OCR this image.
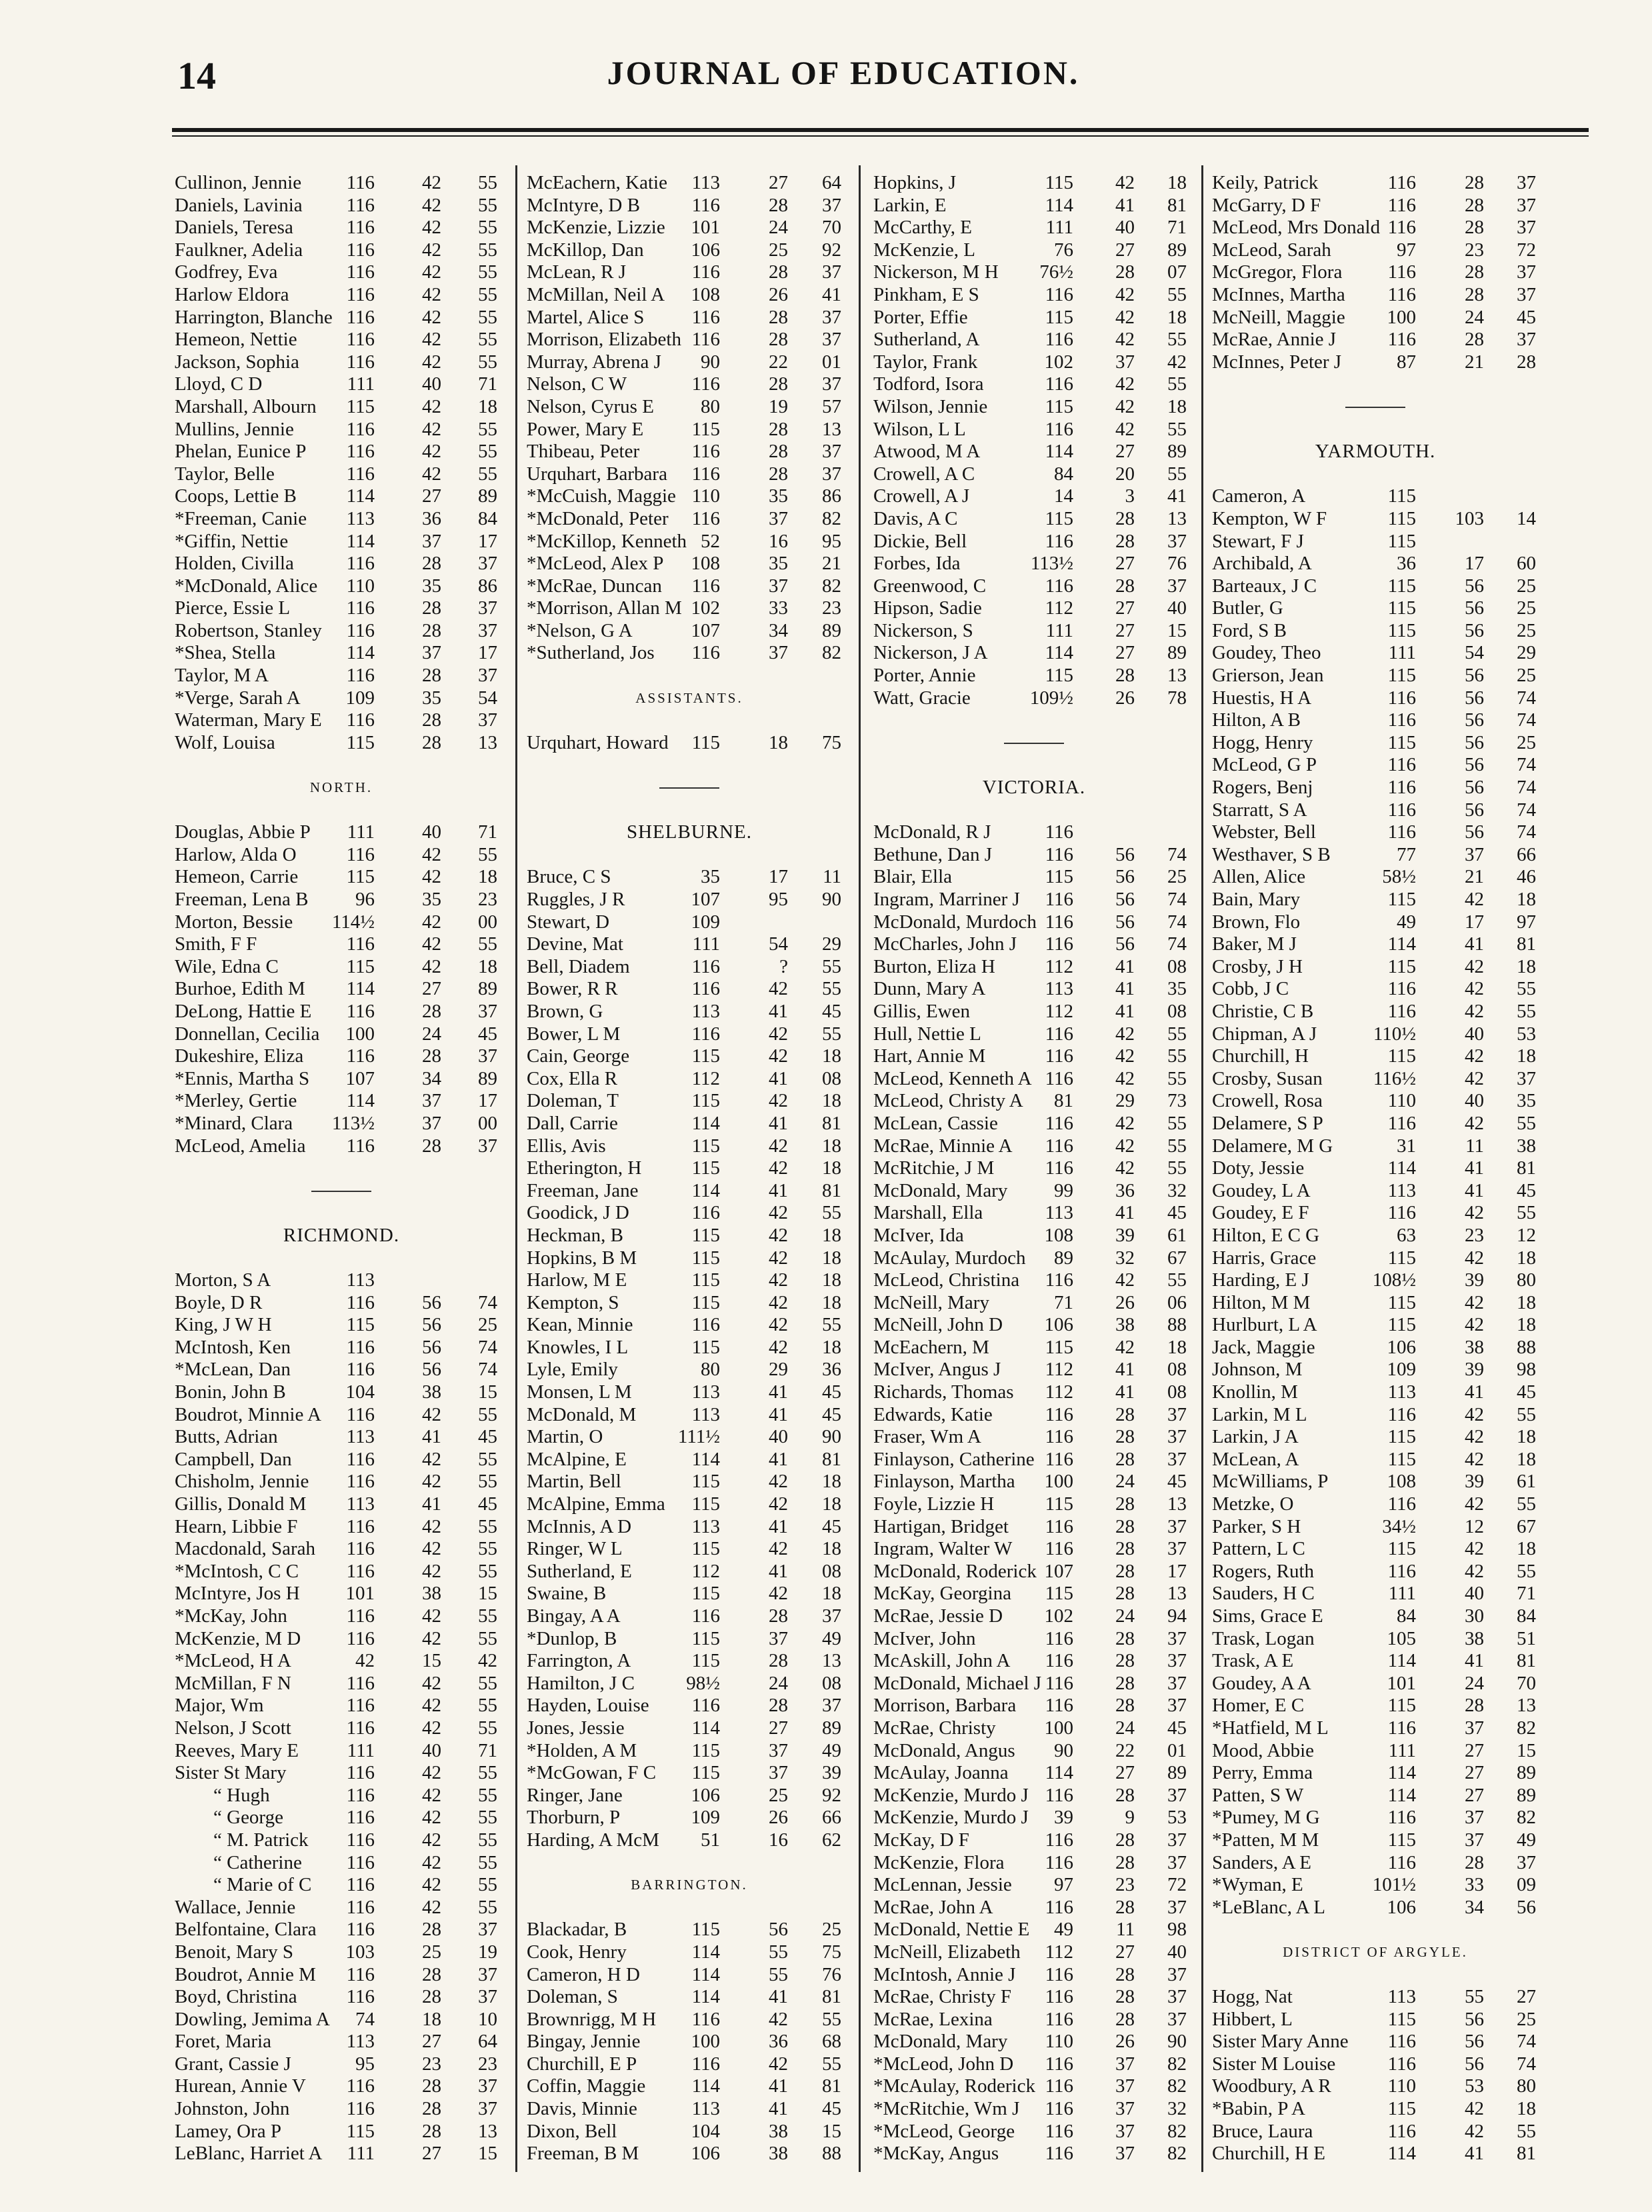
14	JOURNAL OF EDUCATION.
Cullinon, Jennie	116	42	55
Daniels, Lavinia	116	42	55
Daniels, Teresa	116	42	55
Faulkner, Adelia	116	42	55
Godfrey, Eva	116	42	55
Harlow Eldora	116	42	55
Harrington, Blanche 116	42	55
Hemeon, Nettie	116	42	55
Jackson, Sophia	116	42	55
Lloyd, C D	111	40	71
Marshall, Albourn	115	42	18
Mullins, Jennie	116	42	55
Phelan, Eunice P	116	42	55
Taylor, Belle	116	42	55
Coops, Lettie B	114	27	89
*Freeman, Canie	113	36	84
*Giffin, Nettie	114	37	17
Holden, Civilla	116	28	37
*McDonald, Alice	110	35	86
Pierce, Essie L	116	28	37
Robertson, Stanley	116	28	37
*Shea, Stella	114	37	17
Taylor, M A	116	28	37
*Verge, Sarah A	109	35	54
Waterman, Mary E	116	28	37
Wolf, Louisa	115	28	13
NORTH.
Douglas, Abbie P	111	40	71
Harlow, Alda O	116	42	55
Hemeon, Carrie	115	42	18
Freeman, Lena B	96	35	23
Morton, Bessie	114½	42	00
Smith, F F	116	42	55
Wile, Edna C	115	42	18
Burhoe, Edith M	114	27	89
DeLong, Hattie E	116	28	37
Donnellan, Cecilia	100	24	45
Dukeshire, Eliza	116	28	37
*Ennis, Martha S	107	34	89
*Merley, Gertie	114	37	17
*Minard, Clara	113½	37	00
McLeod, Amelia	116	28	37
RICHMOND.
Morton, S A	113
Boyle, D R	116	56	74
King, J W H	115	56	25
McIntosh, Ken	116	56	74
*McLean, Dan	116	56	74
Bonin, John B	104	38	15
Boudrot, Minnie A	116	42	55
Butts, Adrian	113	41	45
Campbell, Dan	116	42	55
Chisholm, Jennie	116	42	55
Gillis, Donald M	113	41	45
Hearn, Libbie F	116	42	55
Macdonald, Sarah	116	42	55
*McIntosh, C C	116	42	55
McIntyre, Jos H	101	38	15
*McKay, John	116	42	55
McKenzie, M D	116	42	55
*McLeod, H A	42	15	42
McMillan, F N	116	42	55
Major, Wm	116	42	55
Nelson, J Scott	116	42	55
Reeves, Mary E	111	40	71
Sister St Mary	116	42	55
“ Hugh	116	42	55
“ George	116	42	55
“ M. Patrick	116	42	55
“ Catherine	116	42	55
“ Marie of C	116	42	55
Wallace, Jennie	116	42	55
Belfontaine, Clara	116	28	37
Benoit, Mary S	103	25	19
Boudrot, Annie M	116	28	37
Boyd, Christina	116	28	37
Dowling, Jemima A	74	18	10
Foret, Maria	113	27	64
Grant, Cassie J	95	23	23
Hurean, Annie V	116	28	37
Johnston, John	116	28	37
Lamey, Ora P	115	28	13
LeBlanc, Harriet A	111	27	15
McEachern, Katie	113	27	64
McIntyre, D B	116	28	37
McKenzie, Lizzie	101	24	70
McKillop, Dan	106	25	92
McLean, R J	116	28	37
McMillan, Neil A	108	26	41
Martel, Alice S	116	28	37
Morrison, Elizabeth 116	28	37
Murray, Abrena J	90	22	01
Nelson, C W	116	28	37
Nelson, Cyrus E	80	19	57
Power, Mary E	115	28	13
Thibeau, Peter	116	28	37
Urquhart, Barbara	116	28	37
*McCuish, Maggie 110	35	86
*McDonald, Peter	116	37	82
*McKillop, Kenneth 52	16	95
*McLeod, Alex P	108	35	21
*McRae, Duncan	116	37	82
*Morrison, Allan M 102	33	23
*Nelson, G A	107	34	89
*Sutherland, Jos	116	37	82
ASSISTANTS.
Urquhart, Howard	115	18	75
SHELBURNE.
Bruce, C S	35	17	11
Ruggles, J R	107	95	90
Stewart, D	109
Devine, Mat	111	54	29
Bell, Diadem	116	?	55
Bower, R R	116	42	55
Brown, G	113	41	45
Bower, L M	116	42	55
Cain, George	115	42	18
Cox, Ella R	112	41	08
Doleman, T	115	42	18
Dall, Carrie	114	41	81
Ellis, Avis	115	42	18
Etherington, H	115	42	18
Freeman, Jane	114	41	81
Goodick, J D	116	42	55
Heckman, B	115	42	18
Hopkins, B M	115	42	18
Harlow, M E	115	42	18
Kempton, S	115	42	18
Kean, Minnie	116	42	55
Knowles, I L	115	42	18
Lyle, Emily	80	29	36
Monsen, L M	113	41	45
McDonald, M	113	41	45
Martin, O	111½	40	90
McAlpine, E	114	41	81
Martin, Bell	115	42	18
McAlpine, Emma	115	42	18
McInnis, A D	113	41	45
Ringer, W L	115	42	18
Sutherland, E	112	41	08
Swaine, B	115	42	18
Bingay, A A	116	28	37
*Dunlop, B	115	37	49
Farrington, A	115	28	13
Hamilton, J C	98½	24	08
Hayden, Louise	116	28	37
Jones, Jessie	114	27	89
*Holden, A M	115	37	49
*McGowan, F C	115	37	39
Ringer, Jane	106	25	92
Thorburn, P	109	26	66
Harding, A McM	51	16	62
BARRINGTON.
Blackadar, B	115	56	25
Cook, Henry	114	55	75
Cameron, H D	114	55	76
Doleman, S	114	41	81
Brownrigg, M H	116	42	55
Bingay, Jennie	100	36	68
Churchill, E P	116	42	55
Coffin, Maggie	114	41	81
Davis, Minnie	113	41	45
Dixon, Bell	104	38	15
Freeman, B M	106	38	88
Hopkins, J	115	42	18
Larkin, E	114	41	81
McCarthy, E	111	40	71
McKenzie, L	76	27	89
Nickerson, M H	76½	28	07
Pinkham, E S	116	42	55
Porter, Effie	115	42	18
Sutherland, A	116	42	55
Taylor, Frank	102	37	42
Todford, Isora	116	42	55
Wilson, Jennie	115	42	18
Wilson, L L	116	42	55
Atwood, M A	114	27	89
Crowell, A C	84	20	55
Crowell, A J	14	3	41
Davis, A C	115	28	13
Dickie, Bell	116	28	37
Forbes, Ida	113½	27	76
Greenwood, C	116	28	37
Hipson, Sadie	112	27	40
Nickerson, S	111	27	15
Nickerson, J A	114	27	89
Porter, Annie	115	28	13
Watt, Gracie	109½	26	78
VICTORIA.
McDonald, R J	116
Bethune, Dan J	116	56	74
Blair, Ella	115	56	25
Ingram, Marriner J	116	56	74
McDonald, Murdoch 116	56	74
McCharles, John J	116	56	74
Burton, Eliza H	112	41	08
Dunn, Mary A	113	41	35
Gillis, Ewen	112	41	08
Hull, Nettie L	116	42	55
Hart, Annie M	116	42	55
McLeod, Kenneth A 116	42	55
McLeod, Christy A	81	29	73
McLean, Cassie	116	42	55
McRae, Minnie A	116	42	55
McRitchie, J M	116	42	55
McDonald, Mary	99	36	32
Marshall, Ella	113	41	45
McIver, Ida	108	39	61
McAulay, Murdoch	89	32	67
McLeod, Christina	116	42	55
McNeill, Mary	71	26	06
McNeill, John D	106	38	88
McEachern, M	115	42	18
McIver, Angus J	112	41	08
Richards, Thomas	112	41	08
Edwards, Katie	116	28	37
Fraser, Wm A	116	28	37
Finlayson, Catherine 116	28	37
Finlayson, Martha	100	24	45
Foyle, Lizzie H	115	28	13
Hartigan, Bridget	116	28	37
Ingram, Walter W	116	28	37
McDonald, Roderick 107	28	17
McKay, Georgina	115	28	13
McRae, Jessie D	102	24	94
McIver, John	116	28	37
McAskill, John A	116	28	37
McDonald, Michael J 116	28	37
Morrison, Barbara	116	28	37
McRae, Christy	100	24	45
McDonald, Angus	90	22	01
McAulay, Joanna	114	27	89
McKenzie, Murdo J 116	28	37
McKenzie, Murdo J	39	9	53
McKay, D F	116	28	37
McKenzie, Flora	116	28	37
McLennan, Jessie	97	23	72
McRae, John A	116	28	37
McDonald, Nettie E	49	11	98
McNeill, Elizabeth	112	27	40
McIntosh, Annie J	116	28	37
McRae, Christy F	116	28	37
McRae, Lexina	116	28	37
McDonald, Mary	110	26	90
*McLeod, John D	116	37	82
*McAulay, Roderick 116	37	82
*McRitchie, Wm J	116	37	32
*McLeod, George	116	37	82
*McKay, Angus	116	37	82
Keily, Patrick	116	28	37
McGarry, D F	116	28	37
McLeod, Mrs Donald 116	28	37
McLeod, Sarah	97	23	72
McGregor, Flora	116	28	37
McInnes, Martha	116	28	37
McNeill, Maggie	100	24	45
McRae, Annie J	116	28	37
McInnes, Peter J	87	21	28
YARMOUTH.
Cameron, A	115
Kempton, W F	115	103	14
Stewart, F J	115
Archibald, A	36	17	60
Barteaux, J C	115	56	25
Butler, G	115	56	25
Ford, S B	115	56	25
Goudey, Theo	111	54	29
Grierson, Jean	115	56	25
Huestis, H A	116	56	74
Hilton, A B	116	56	74
Hogg, Henry	115	56	25
McLeod, G P	116	56	74
Rogers, Benj	116	56	74
Starratt, S A	116	56	74
Webster, Bell	116	56	74
Westhaver, S B	77	37	66
Allen, Alice	58½	21	46
Bain, Mary	115	42	18
Brown, Flo	49	17	97
Baker, M J	114	41	81
Crosby, J H	115	42	18
Cobb, J C	116	42	55
Christie, C B	116	42	55
Chipman, A J	110½	40	53
Churchill, H	115	42	18
Crosby, Susan	116½	42	37
Crowell, Rosa	110	40	35
Delamere, S P	116	42	55
Delamere, M G	31	11	38
Doty, Jessie	114	41	81
Goudey, L A	113	41	45
Goudey, E F	116	42	55
Hilton, E C G	63	23	12
Harris, Grace	115	42	18
Harding, E J	108½	39	80
Hilton, M M	115	42	18
Hurlburt, L A	115	42	18
Jack, Maggie	106	38	88
Johnson, M	109	39	98
Knollin, M	113	41	45
Larkin, M L	116	42	55
Larkin, J A	115	42	18
McLean, A	115	42	18
McWilliams, P	108	39	61
Metzke, O	116	42	55
Parker, S H	34½	12	67
Pattern, L C	115	42	18
Rogers, Ruth	116	42	55
Sauders, H C	111	40	71
Sims, Grace E	84	30	84
Trask, Logan	105	38	51
Trask, A E	114	41	81
Goudey, A A	101	24	70
Homer, E C	115	28	13
*Hatfield, M L	116	37	82
Mood, Abbie	111	27	15
Perry, Emma	114	27	89
Patten, S W	114	27	89
*Pumey, M G	116	37	82
*Patten, M M	115	37	49
Sanders, A E	116	28	37
*Wyman, E	101½	33	09
*LeBlanc, A L	106	34	56
DISTRICT OF ARGYLE.
Hogg, Nat	113	55	27
Hibbert, L	115	56	25
Sister Mary Anne	116	56	74
Sister M Louise	116	56	74
Woodbury, A R	110	53	80
*Babin, P A	115	42	18
Bruce, Laura	116	42	55
Churchill, H E	114	41	81
